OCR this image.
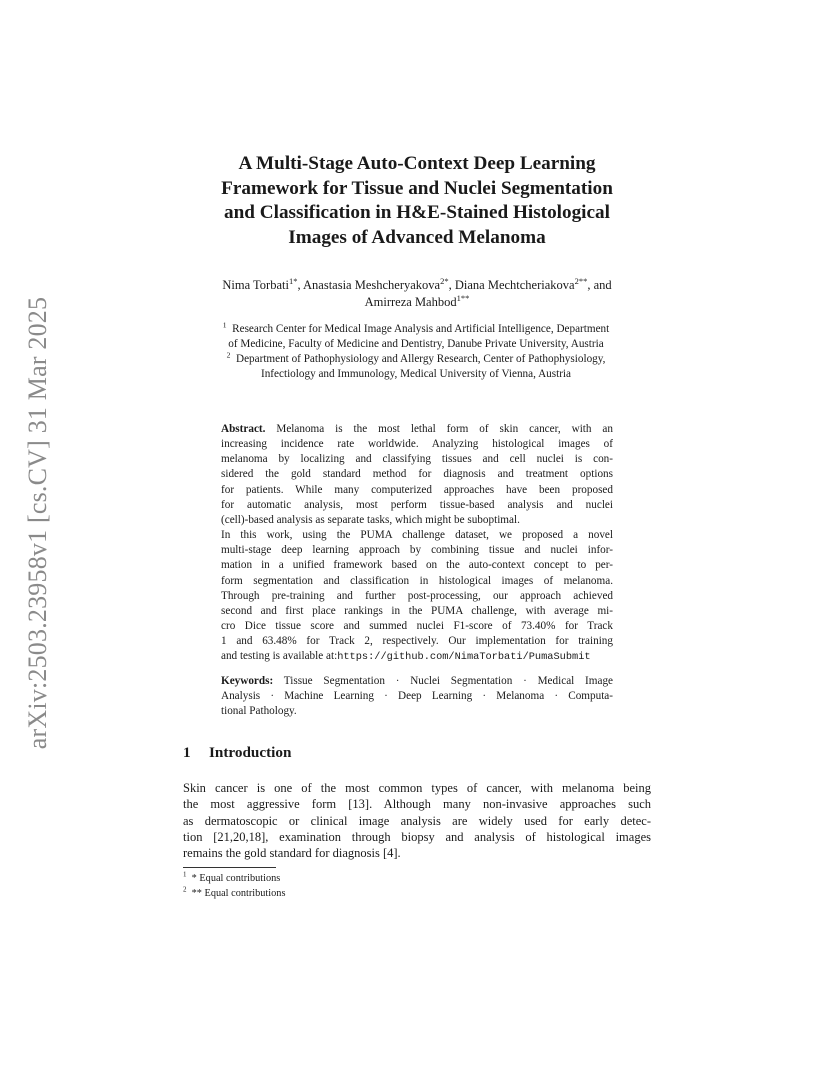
arXiv:2503.23958v1 [cs.CV] 31 Mar 2025
A Multi-Stage Auto-Context Deep Learning
Framework for Tissue and Nuclei Segmentation
and Classification in H&E-Stained Histological
Images of Advanced Melanoma
Nima Torbati$^{1*}$, Anastasia Meshcheryakova$^{2*}$, Diana Mechtcheriakova$^{2**}$, and
Amirreza Mahbod$^{1**}$
$^1$ Research Center for Medical Image Analysis and Artificial Intelligence, Department
of Medicine, Faculty of Medicine and Dentistry, Danube Private University, Austria
$^2$ Department of Pathophysiology and Allergy Research, Center of Pathophysiology,
Infectiology and Immunology, Medical University of Vienna, Austria
Abstract. Melanoma is the most lethal form of skin cancer, with an
increasing incidence rate worldwide. Analyzing histological images of
melanoma by localizing and classifying tissues and cell nuclei is con-
sidered the gold standard method for diagnosis and treatment options
for patients. While many computerized approaches have been proposed
for automatic analysis, most perform tissue-based analysis and nuclei
(cell)-based analysis as separate tasks, which might be suboptimal.
In this work, using the PUMA challenge dataset, we proposed a novel
multi-stage deep learning approach by combining tissue and nuclei infor-
mation in a unified framework based on the auto-context concept to per-
form segmentation and classification in histological images of melanoma.
Through pre-training and further post-processing, our approach achieved
second and first place rankings in the PUMA challenge, with average mi-
cro Dice tissue score and summed nuclei F1-score of 73.40% for Track
1 and 63.48% for Track 2, respectively. Our implementation for training
and testing is available at:https://github.com/NimaTorbati/PumaSubmit
Keywords: Tissue Segmentation · Nuclei Segmentation · Medical Image
Analysis · Machine Learning · Deep Learning · Melanoma · Computa-
tional Pathology.
1 Introduction
Skin cancer is one of the most common types of cancer, with melanoma being
the most aggressive form [13]. Although many non-invasive approaches such
as dermatoscopic or clinical image analysis are widely used for early detec-
tion [21,20,18], examination through biopsy and analysis of histological images
remains the gold standard for diagnosis [4].
$^1$ * Equal contributions
$^2$ ** Equal contributions
